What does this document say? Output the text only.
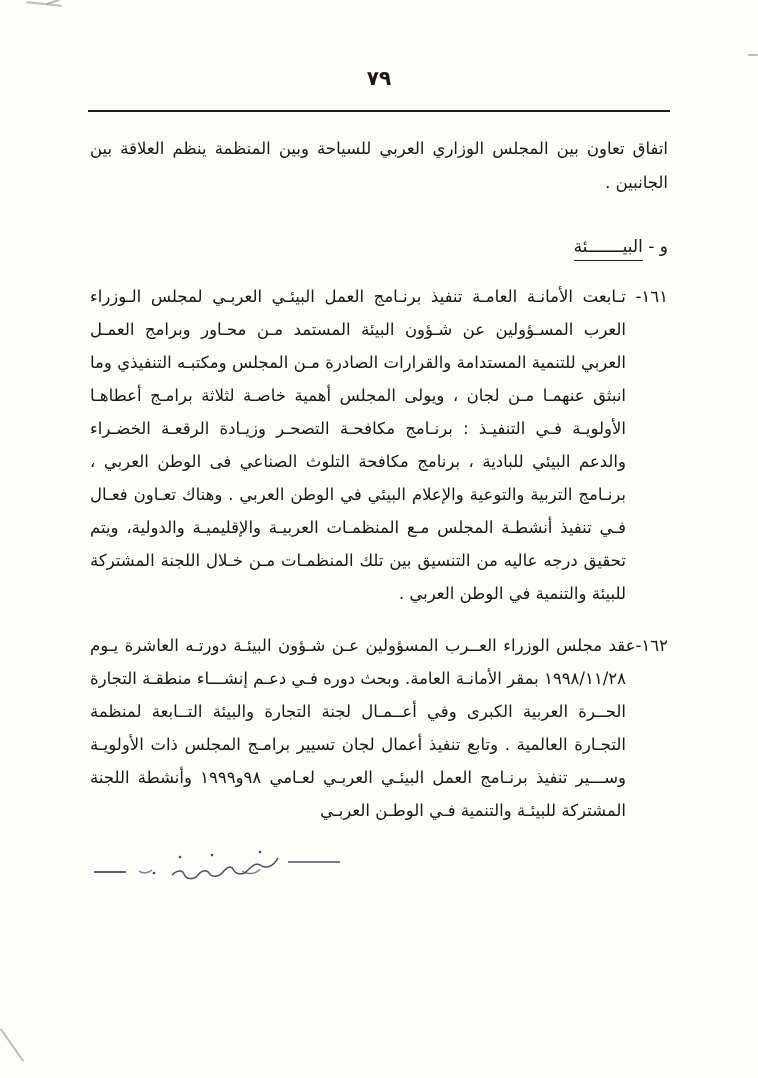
٧٩
اتفاق تعاون بين المجلس الوزاري العربي للسياحة وبين المنظمة ينظم العلاقة بين الجانبين .
و - البيـــــــئة
١٦١- تـابعت الأمانـة العامـة تنفيذ برنـامج العمل البيئـي العربـي لمجلس الـوزراء العرب المسـؤولين عن شـؤون البيئة المستمد مـن محـاور وبرامج العمـل العربي للتنمية المستدامة والقرارات الصادرة مـن المجلس ومكتبـه التنفيذي وما انبثق عنهمـا مـن لجان ، ويولى المجلس أهمية خاصـة لثلاثة برامـج أعطاهـا الأولويـة فـي التنفيـذ : برنـامج مكافحـة التصحـر وزيـادة الرقعـة الخضـراء والدعم البيئي للبادية ، برنامج مكافحة التلوث الصناعي فى الوطن العربي ، برنـامج التربية والتوعية والإعلام البيئي في الوطن العربي . وهناك تعـاون فعـال فـي تنفيذ أنشطـة المجلس مـع المنظمـات العربيـة والإقليميـة والدولية، ويتم تحقيق درجه عاليه من التنسيق بين تلك المنظمـات مـن خـلال اللجنة المشتركة للبيئة والتنمية في الوطن العربي .
١٦٢-عقد مجلس الوزراء العــرب المسؤولين عـن شـؤون البيئـة دورتـه العاشرة يـوم ١٩٩٨/١١/٢٨ بمقر الأمانـة العامة. وبحث دوره فـي دعـم إنشـــاء منطقـة التجارة الحــرة العربية الكبرى وفي أعــمـال لجنة التجارة والبيئة التــابعة لمنظمة التجـارة العالمية . وتابع تنفيذ أعمال لجان تسيير برامـج المجلس ذات الأولويـة وســـير تنفيذ برنـامج العمل البيئـي العربـي لعـامي ٩٨و١٩٩٩ وأنشطة اللجنة المشتركة للبيئـة والتنمية فـي الوطـن العربـي
